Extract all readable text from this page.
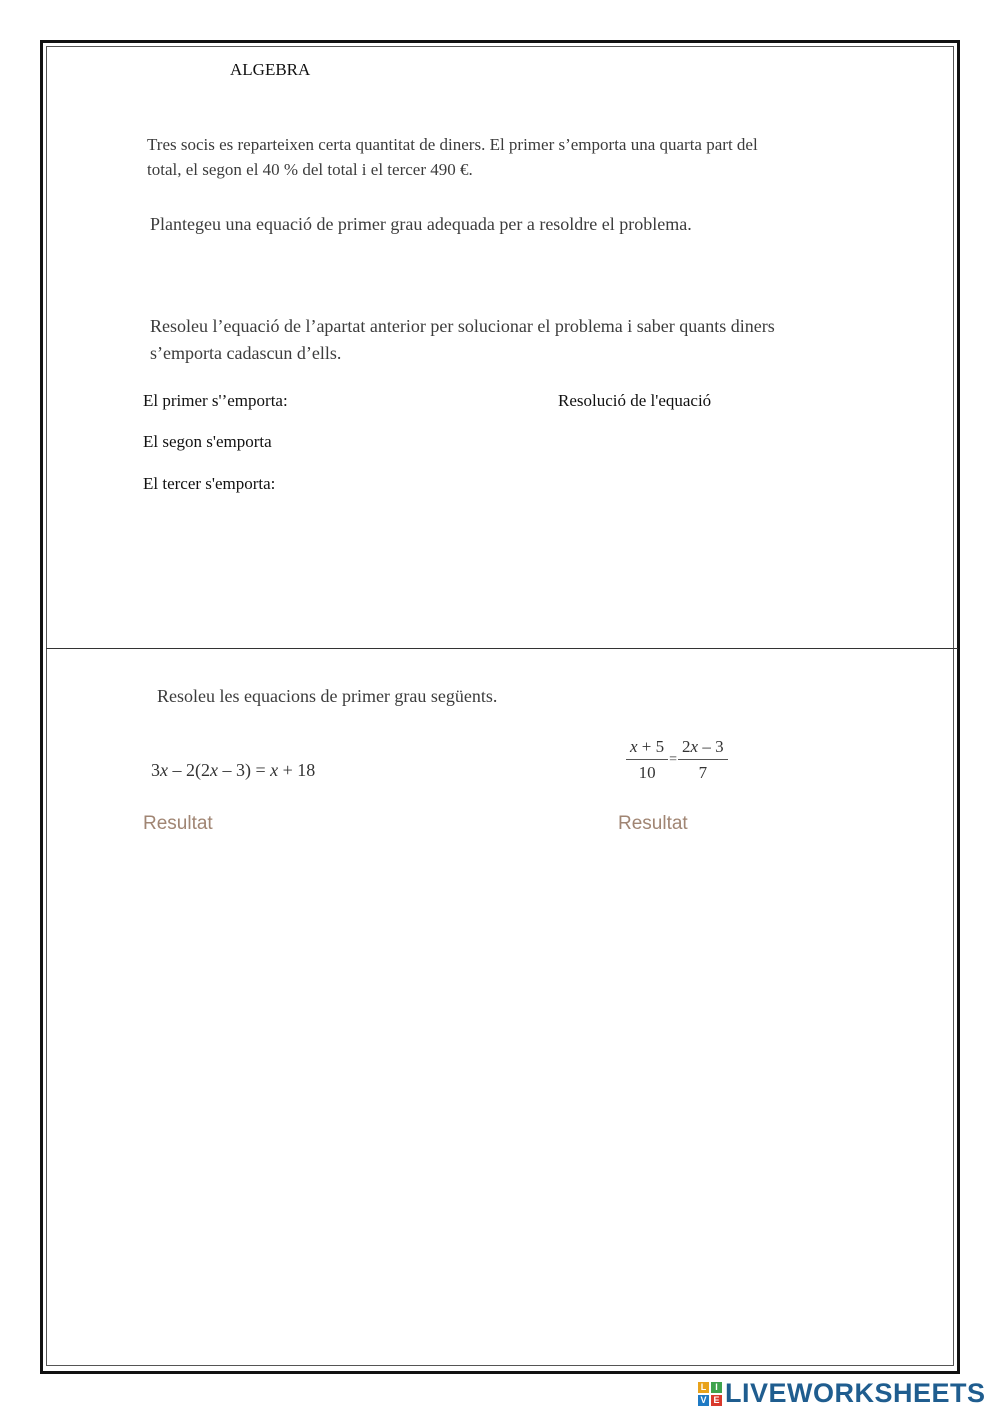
ALGEBRA
Tres socis es reparteixen certa quantitat de diners. El primer s’emporta una quarta part del
total, el segon el 40 % del total i el tercer 490 €.
Plantegeu una equació de primer grau adequada per a resoldre el problema.
Resoleu l’equació de l’apartat anterior per solucionar el problema i saber quants diners
s’emporta cadascun d’ells.
El primer s'’emporta:
El segon s'emporta
El tercer s'emporta:
Resolució de l'equació
Resoleu les equacions de primer grau següents.
3x – 2(2x – 3) = x + 18	$\frac{x + 5}{10} = \frac{2x - 3}{7}$
Resultat	Resultat
L I
V E LIVEWORKSHEETS
